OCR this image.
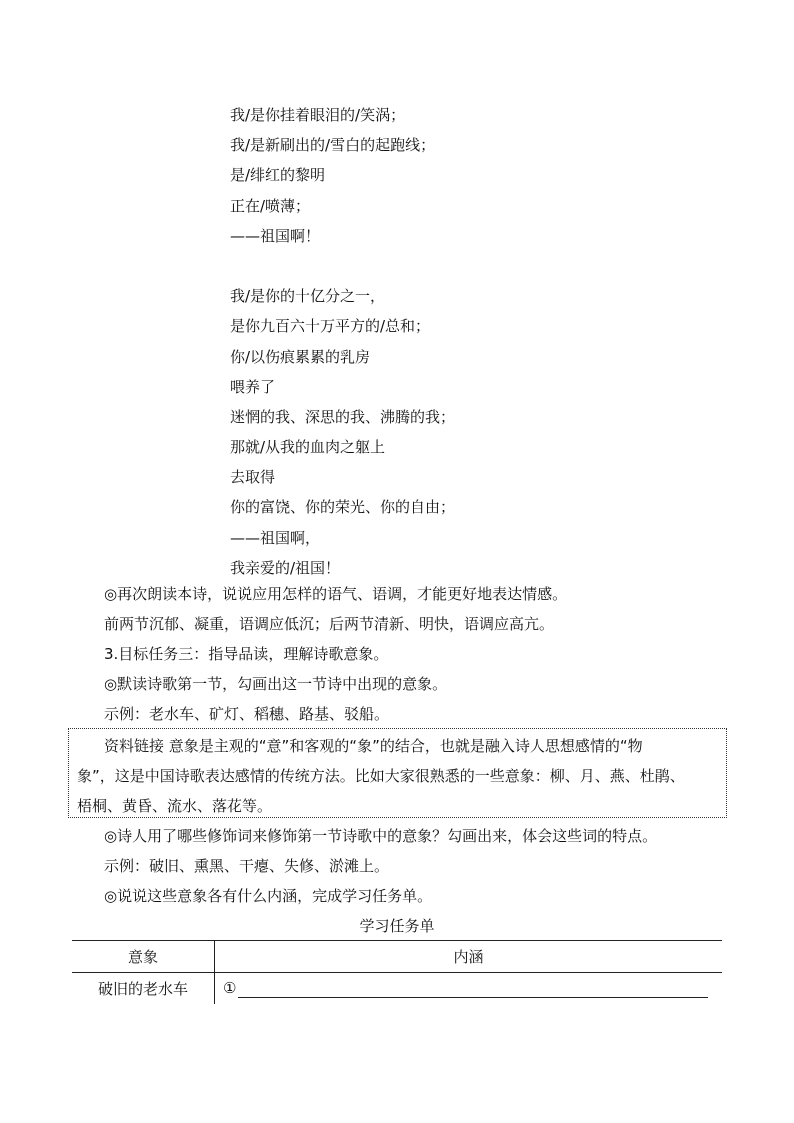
我/是你挂着眼泪的/笑涡；
我/是新刷出的/雪白的起跑线；
是/绯红的黎明
正在/喷薄；
——祖国啊！
我/是你的十亿分之一，
是你九百六十万平方的/总和；
你/以伤痕累累的乳房
喂养了
迷惘的我、深思的我、沸腾的我；
那就/从我的血肉之躯上
去取得
你的富饶、你的荣光、你的自由；
——祖国啊，
我亲爱的/祖国！
◎再次朗读本诗，说说应用怎样的语气、语调，才能更好地表达情感。
前两节沉郁、凝重，语调应低沉；后两节清新、明快，语调应高亢。
3.目标任务三：指导品读，理解诗歌意象。
◎默读诗歌第一节，勾画出这一节诗中出现的意象。
示例：老水车、矿灯、稻穗、路基、驳船。

资料链接 意象是主观的“意”和客观的“象”的结合，也就是融入诗人思想感情的“物

象”，这是中国诗歌表达感情的传统方法。比如大家很熟悉的一些意象：柳、月、燕、杜鹃、

梧桐、黄昏、流水、落花等。

◎诗人用了哪些修饰词来修饰第一节诗歌中的意象？勾画出来，体会这些词的特点。
示例：破旧、熏黑、干瘪、失修、淤滩上。
◎说说这些意象各有什么内涵，完成学习任务单。
学习任务单
意象	内涵
破旧的老水车	①
